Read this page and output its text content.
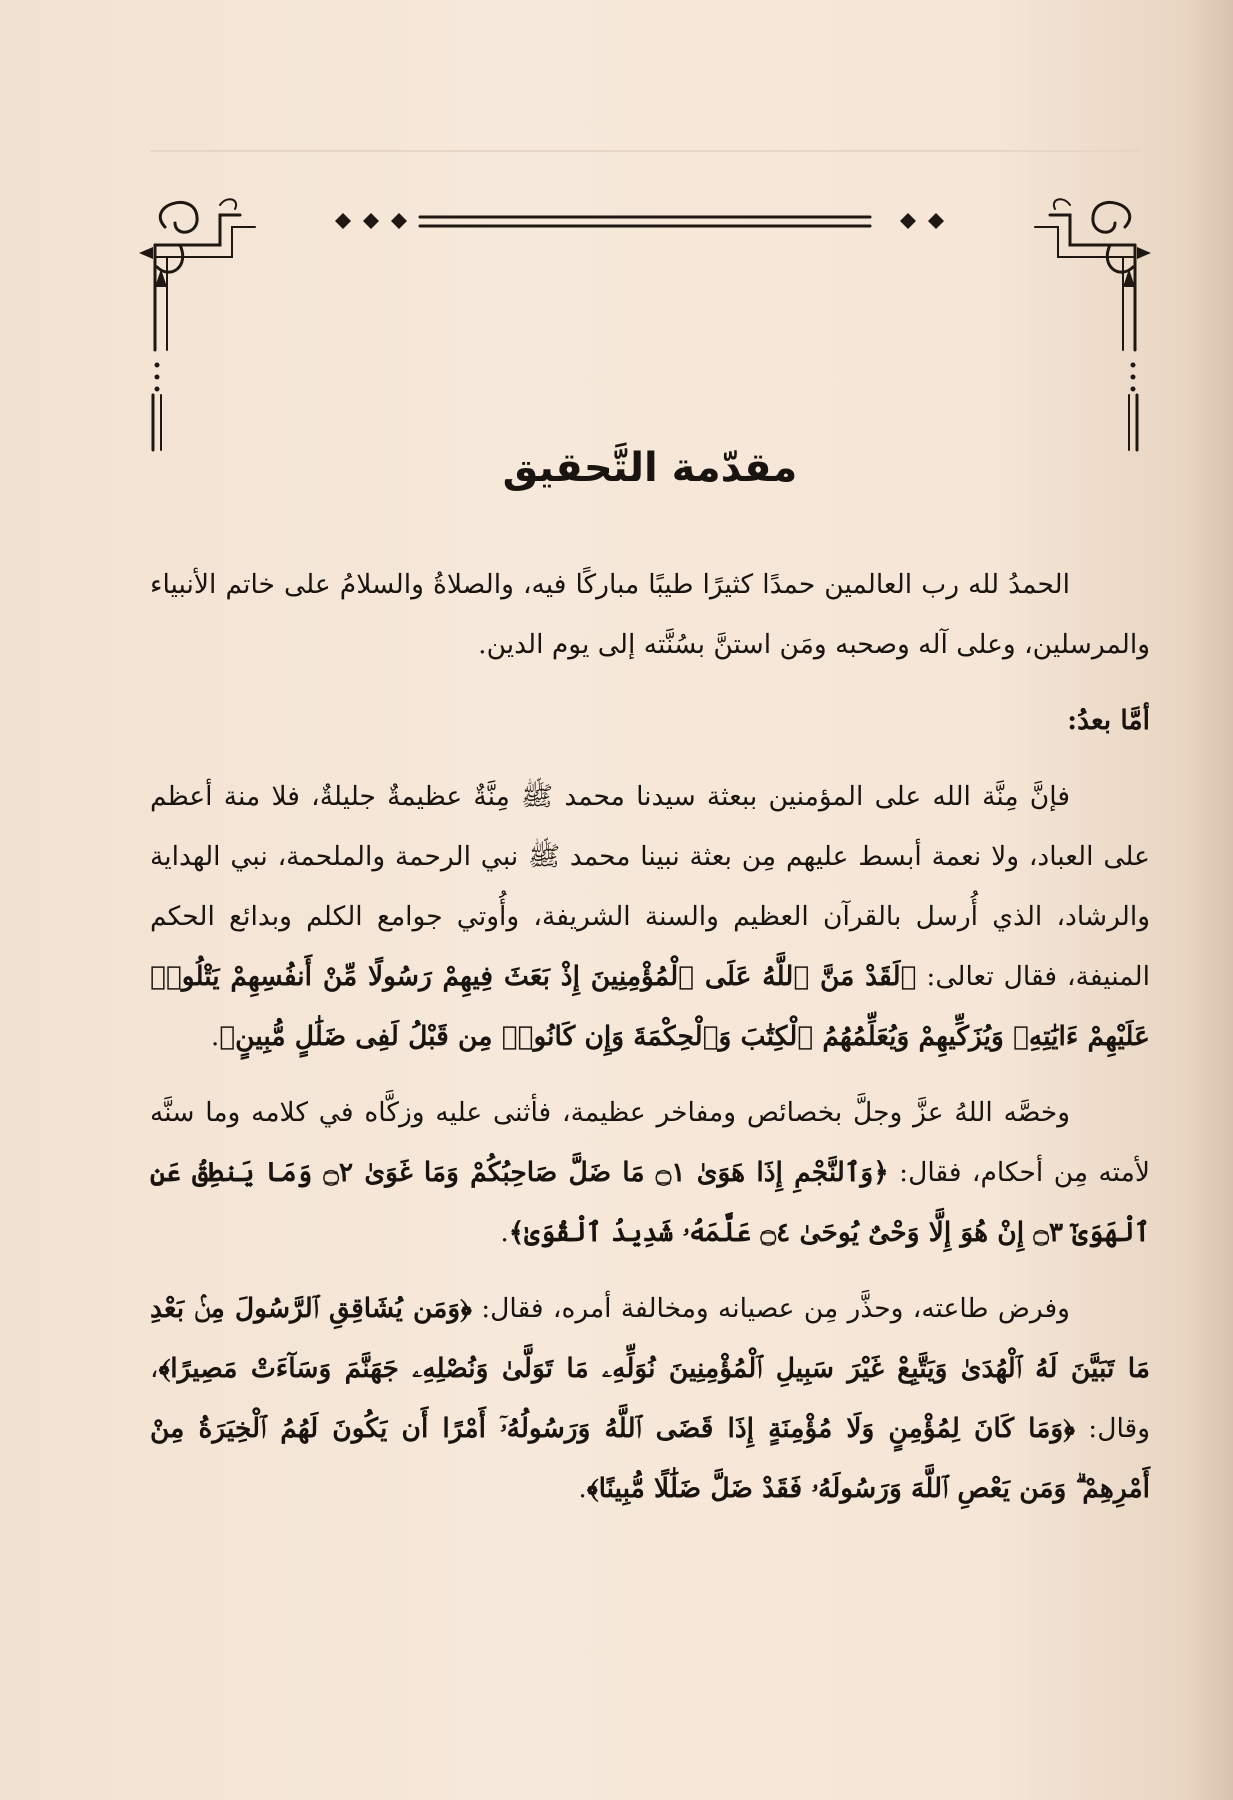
مقدّمة التَّحقيق

الحمدُ لله رب العالمين حمدًا كثيرًا طيبًا مباركًا فيه، والصلاةُ والسلامُ على خاتم الأنبياء والمرسلين، وعلى آله وصحبه ومَن استنَّ بسُنَّته إلى يوم الدين.

أمَّا بعدُ:

فإنَّ مِنَّة الله على المؤمنين ببعثة سيدنا محمد ﷺ مِنَّةٌ عظيمةٌ جليلةٌ، فلا منة أعظم على العباد، ولا نعمة أبسط عليهم مِن بعثة نبينا محمد ﷺ نبي الرحمة والملحمة، نبي الهداية والرشاد، الذي أُرسل بالقرآن العظيم والسنة الشريفة، وأُوتي جوامع الكلم وبدائع الحكم المنيفة، فقال تعالى: ﴿لَقَدْ مَنَّ ٱللَّهُ عَلَى ٱلْمُؤْمِنِينَ إِذْ بَعَثَ فِيهِمْ رَسُولًا مِّنْ أَنفُسِهِمْ يَتْلُوا۟ عَلَيْهِمْ ءَايَٰتِهِۦ وَيُزَكِّيهِمْ وَيُعَلِّمُهُمُ ٱلْكِتَٰبَ وَٱلْحِكْمَةَ وَإِن كَانُوا۟ مِن قَبْلُ لَفِى ضَلَٰلٍ مُّبِينٍ﴾.

وخصَّه اللهُ عزَّ وجلَّ بخصائص ومفاخر عظيمة، فأثنى عليه وزكَّاه في كلامه وما سنَّه لأمته مِن أحكام، فقال: ﴿وَٱلنَّجْمِ إِذَا هَوَىٰ ۝١ مَا ضَلَّ صَاحِبُكُمْ وَمَا غَوَىٰ ۝٢ وَمَا يَنطِقُ عَنِ ٱلْهَوَىٰٓ ۝٣ إِنْ هُوَ إِلَّا وَحْىٌ يُوحَىٰ ۝٤ عَلَّمَهُۥ شَدِيدُ ٱلْقُوَىٰ﴾.

وفرض طاعته، وحذَّر مِن عصيانه ومخالفة أمره، فقال: ﴿وَمَن يُشَاقِقِ ٱلرَّسُولَ مِنۢ بَعْدِ مَا تَبَيَّنَ لَهُ ٱلْهُدَىٰ وَيَتَّبِعْ غَيْرَ سَبِيلِ ٱلْمُؤْمِنِينَ نُوَلِّهِۦ مَا تَوَلَّىٰ وَنُصْلِهِۦ جَهَنَّمَ وَسَآءَتْ مَصِيرًا﴾، وقال: ﴿وَمَا كَانَ لِمُؤْمِنٍ وَلَا مُؤْمِنَةٍ إِذَا قَضَى ٱللَّهُ وَرَسُولُهُۥٓ أَمْرًا أَن يَكُونَ لَهُمُ ٱلْخِيَرَةُ مِنْ أَمْرِهِمْ ۗ وَمَن يَعْصِ ٱللَّهَ وَرَسُولَهُۥ فَقَدْ ضَلَّ ضَلَٰلًا مُّبِينًا﴾.
